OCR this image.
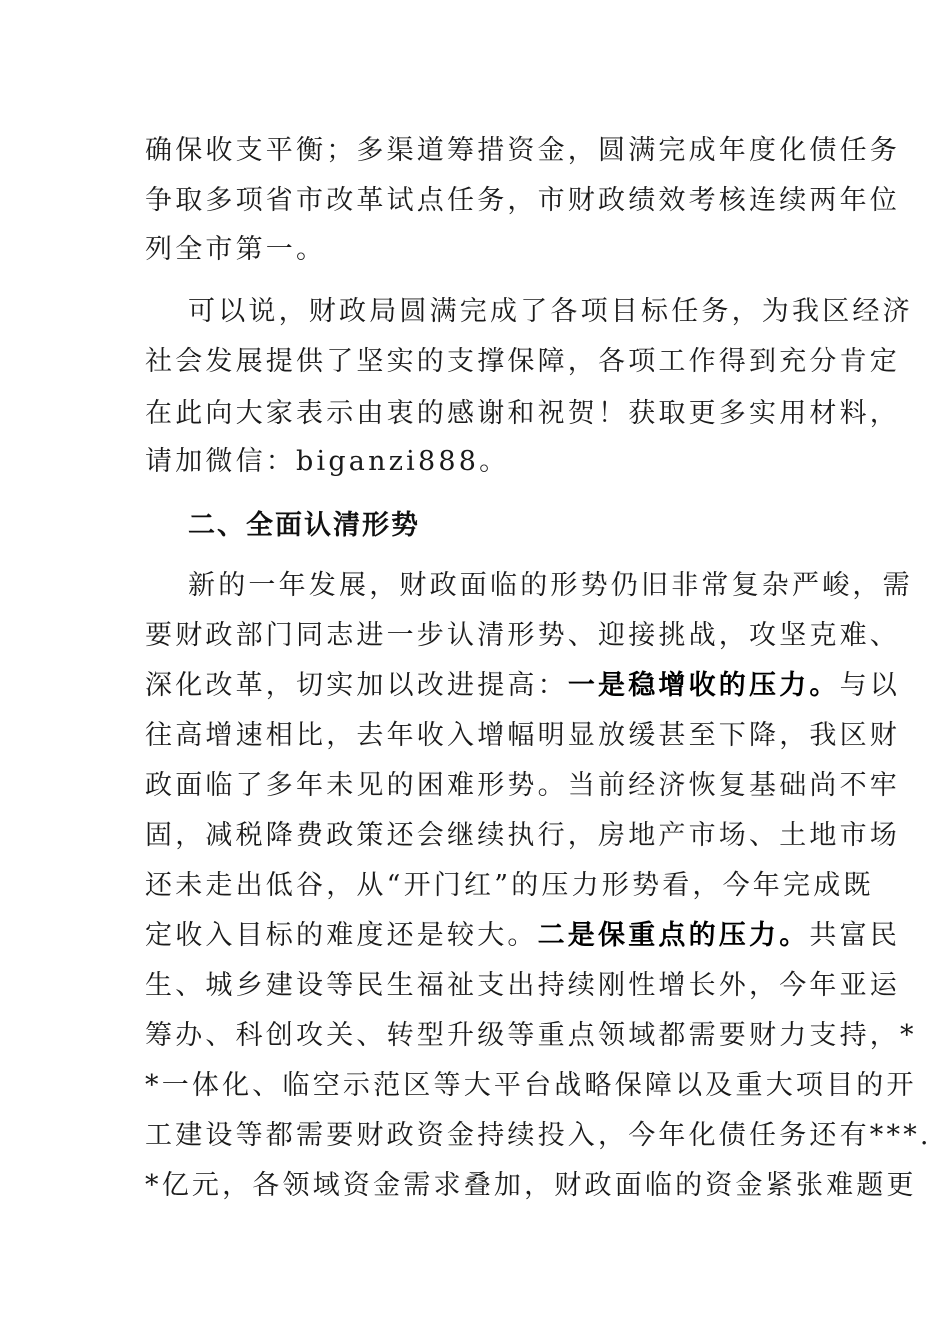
确保收支平衡；多渠道筹措资金，圆满完成年度化债任务
争取多项省市改革试点任务，市财政绩效考核连续两年位
列全市第一。
可以说，财政局圆满完成了各项目标任务，为我区经济
社会发展提供了坚实的支撑保障，各项工作得到充分肯定
在此向大家表示由衷的感谢和祝贺！获取更多实用材料，
请加微信：biganzi888。
二、全面认清形势
新的一年发展，财政面临的形势仍旧非常复杂严峻，需
要财政部门同志进一步认清形势、迎接挑战，攻坚克难、
深化改革，切实加以改进提高：一是稳增收的压力。与以
往高增速相比，去年收入增幅明显放缓甚至下降，我区财
政面临了多年未见的困难形势。当前经济恢复基础尚不牢
固，减税降费政策还会继续执行，房地产市场、土地市场
还未走出低谷，从“开门红”的压力形势看，今年完成既
定收入目标的难度还是较大。二是保重点的压力。共富民
生、城乡建设等民生福祉支出持续刚性增长外，今年亚运
筹办、科创攻关、转型升级等重点领域都需要财力支持，*
*一体化、临空示范区等大平台战略保障以及重大项目的开
工建设等都需要财政资金持续投入，今年化债任务还有***.
*亿元，各领域资金需求叠加，财政面临的资金紧张难题更
